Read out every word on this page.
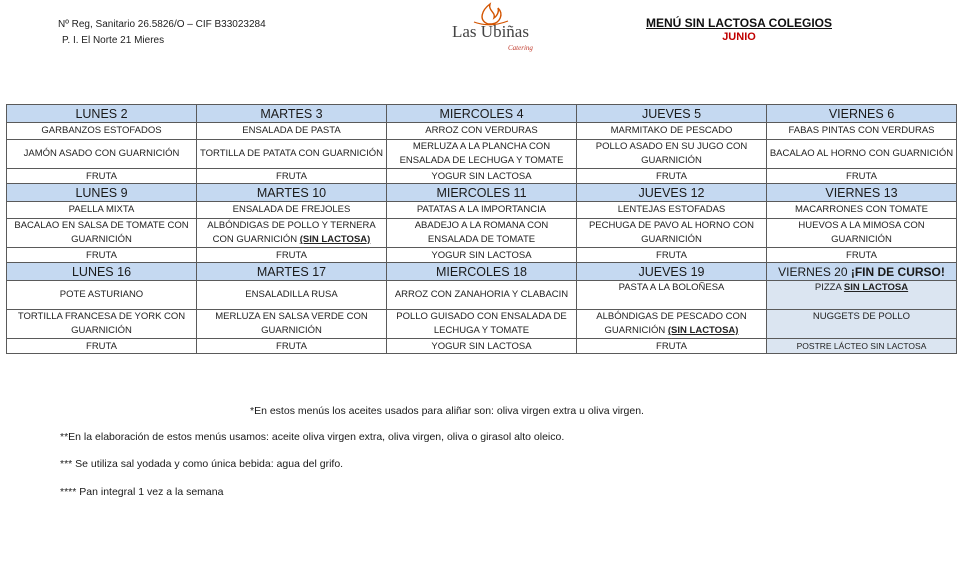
Nº Reg, Sanitario 26.5826/O – CIF B33023284
P. I. El Norte 21 Mieres	Las Ubiñas
Catering
MENÚ SIN LACTOSA COLEGIOS
JUNIO
LUNES 2	MARTES 3	MIERCOLES 4	JUEVES 5	VIERNES 6
GARBANZOS ESTOFADOS	ENSALADA DE PASTA	ARROZ CON VERDURAS	MARMITAKO DE PESCADO	FABAS PINTAS CON VERDURAS
JAMÓN ASADO CON GUARNICIÓN	TORTILLA DE PATATA CON GUARNICIÓN	MERLUZA A LA PLANCHA CON ENSALADA DE LECHUGA Y TOMATE	POLLO ASADO EN SU JUGO CON GUARNICIÓN	BACALAO AL HORNO CON GUARNICIÓN
FRUTA	FRUTA	YOGUR SIN LACTOSA	FRUTA	FRUTA
LUNES 9	MARTES 10	MIERCOLES 11	JUEVES 12	VIERNES 13
PAELLA MIXTA	ENSALADA DE FREJOLES	PATATAS A LA IMPORTANCIA	LENTEJAS ESTOFADAS	MACARRONES CON TOMATE
BACALAO EN SALSA DE TOMATE CON GUARNICIÓN	ALBÓNDIGAS DE POLLO Y TERNERA CON GUARNICIÓN (SIN LACTOSA)	ABADEJO A LA ROMANA CON ENSALADA DE TOMATE	PECHUGA DE PAVO AL HORNO CON GUARNICIÓN	HUEVOS A LA MIMOSA CON GUARNICIÓN
FRUTA	FRUTA	YOGUR SIN LACTOSA	FRUTA	FRUTA
LUNES 16	MARTES 17	MIERCOLES 18	JUEVES 19	VIERNES 20 ¡FIN DE CURSO!
POTE ASTURIANO	ENSALADILLA RUSA	ARROZ CON ZANAHORIA Y CLABACIN	PASTA A LA BOLOÑESA	PIZZA SIN LACTOSA
TORTILLA FRANCESA DE YORK CON GUARNICIÓN	MERLUZA EN SALSA VERDE CON GUARNICIÓN	POLLO GUISADO CON ENSALADA DE LECHUGA Y TOMATE	ALBÓNDIGAS DE PESCADO CON GUARNICIÓN (SIN LACTOSA)	NUGGETS DE POLLO
FRUTA	FRUTA	YOGUR SIN LACTOSA	FRUTA	POSTRE LÁCTEO SIN LACTOSA
*En estos menús los aceites usados para aliñar son: oliva virgen extra u oliva virgen.
**En la elaboración de estos menús usamos: aceite oliva virgen extra, oliva virgen, oliva o girasol alto oleico.
*** Se utiliza sal yodada y como única bebida: agua del grifo.
**** Pan integral 1 vez a la semana
